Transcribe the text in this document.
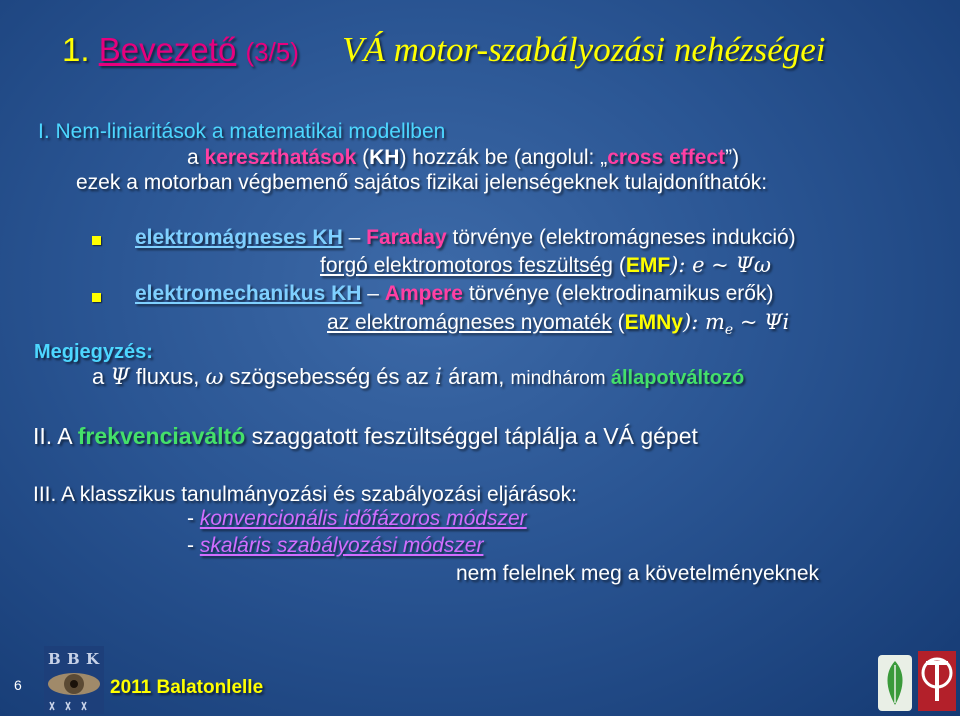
1. Bevezető (3/5) VÁ motor-szabályozási nehézségei
I. Nem-liniaritások a matematikai modellben
a kereszthatások (KH) hozzák be (angolul: „cross effect”)
ezek a motorban végbemenő sajátos fizikai jelenségeknek tulajdoníthatók:
elektromágneses KH – Faraday törvénye (elektromágneses indukció)
forgó elektromotoros feszültség (EMF): e ~ Ψω
elektromechanikus KH – Ampere törvénye (elektrodinamikus erők)
az elektromágneses nyomaték (EMNy): $m_e$ ~ Ψi
Megjegyzés:
a Ψ fluxus, ω szögsebesség és az i áram, mindhárom állapotváltozó
II. A frekvenciaváltó szaggatott feszültséggel táplálja a VÁ gépet
III. A klasszikus tanulmányozási és szabályozási eljárások:
- konvencionális időfázoros módszer
- skaláris szabályozási módszer
nem felelnek meg a követelményeknek
6
B B K
2011 Balatonlelle
